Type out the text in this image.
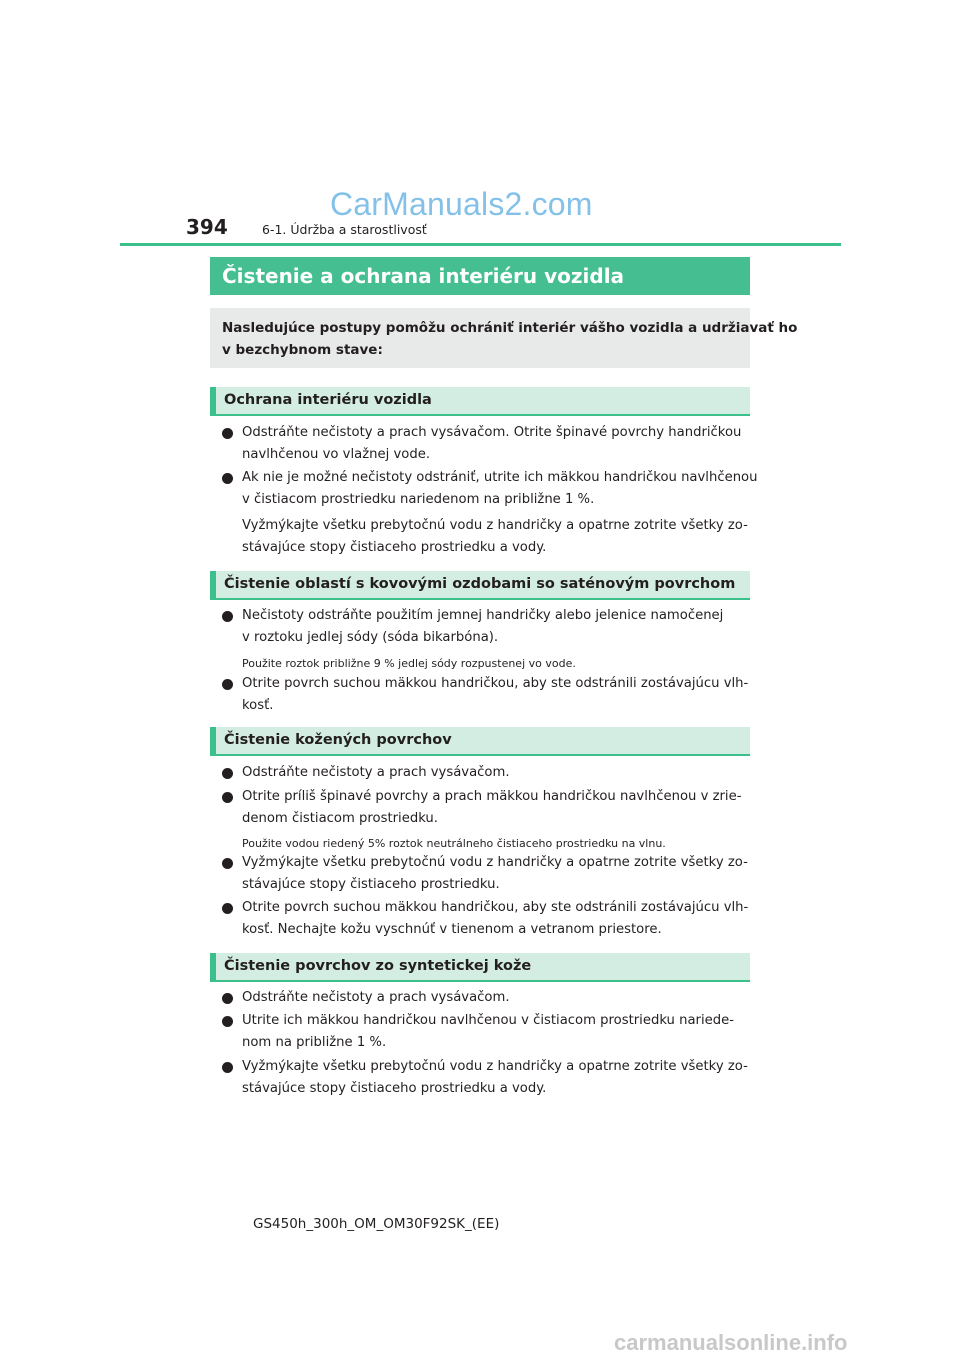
CarManuals2.com
394	6-1. Údržba a starostlivosť
Čistenie a ochrana interiéru vozidla
Nasledujúce postupy pomôžu ochrániť interiér vášho vozidla a udržiavať ho
v bezchybnom stave:
Ochrana interiéru vozidla
Odstráňte nečistoty a prach vysávačom. Otrite špinavé povrchy handričkou
navlhčenou vo vlažnej vode.
Ak nie je možné nečistoty odstrániť, utrite ich mäkkou handričkou navlhčenou
v čistiacom prostriedku nariedenom na približne 1 %.
Vyžmýkajte všetku prebytočnú vodu z handričky a opatrne zotrite všetky zo-
stávajúce stopy čistiaceho prostriedku a vody.
Čistenie oblastí s kovovými ozdobami so saténovým povrchom
Nečistoty odstráňte použitím jemnej handričky alebo jelenice namočenej
v roztoku jedlej sódy (sóda bikarbóna).
Použite roztok približne 9 % jedlej sódy rozpustenej vo vode.
Otrite povrch suchou mäkkou handričkou, aby ste odstránili zostávajúcu vlh-
kosť.
Čistenie kožených povrchov
Odstráňte nečistoty a prach vysávačom.
Otrite príliš špinavé povrchy a prach mäkkou handričkou navlhčenou v zrie-
denom čistiacom prostriedku.
Použite vodou riedený 5% roztok neutrálneho čistiaceho prostriedku na vlnu.
Vyžmýkajte všetku prebytočnú vodu z handričky a opatrne zotrite všetky zo-
stávajúce stopy čistiaceho prostriedku.
Otrite povrch suchou mäkkou handričkou, aby ste odstránili zostávajúcu vlh-
kosť. Nechajte kožu vyschnúť v tienenom a vetranom priestore.
Čistenie povrchov zo syntetickej kože
Odstráňte nečistoty a prach vysávačom.
Utrite ich mäkkou handričkou navlhčenou v čistiacom prostriedku nariede-
nom na približne 1 %.
Vyžmýkajte všetku prebytočnú vodu z handričky a opatrne zotrite všetky zo-
stávajúce stopy čistiaceho prostriedku a vody.
GS450h_300h_OM_OM30F92SK_(EE)
carmanualsonline.info
